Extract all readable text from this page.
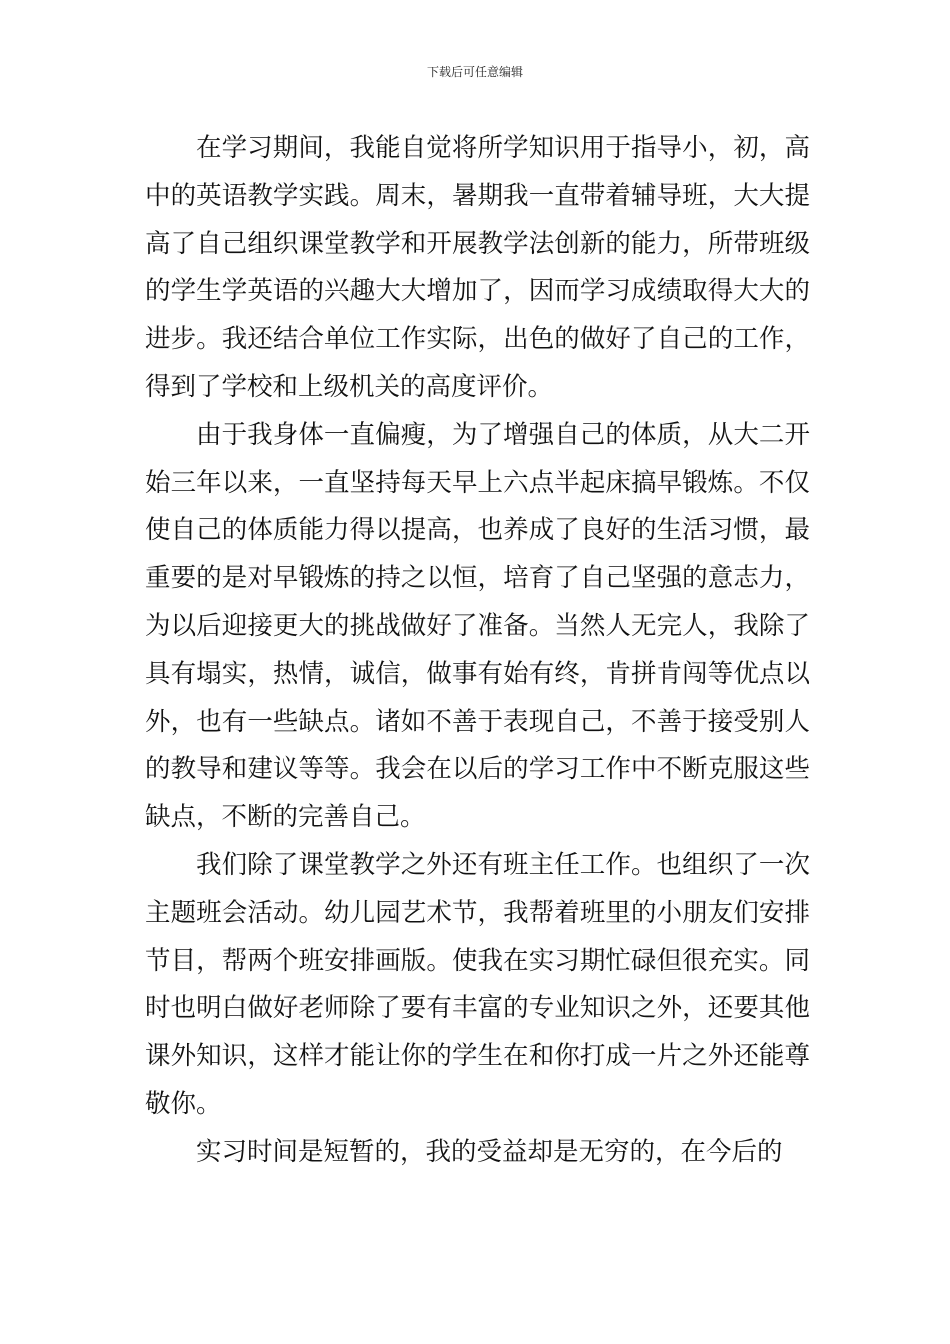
下载后可任意编辑

在学习期间，我能自觉将所学知识用于指导小，初，高中的英语教学实践。周末，暑期我一直带着辅导班，大大提高了自己组织课堂教学和开展教学法创新的能力，所带班级的学生学英语的兴趣大大增加了，因而学习成绩取得大大的进步。我还结合单位工作实际，出色的做好了自己的工作，得到了学校和上级机关的高度评价。

由于我身体一直偏瘦，为了增强自己的体质，从大二开始三年以来，一直坚持每天早上六点半起床搞早锻炼。不仅使自己的体质能力得以提高，也养成了良好的生活习惯，最重要的是对早锻炼的持之以恒，培育了自己坚强的意志力，为以后迎接更大的挑战做好了准备。当然人无完人，我除了具有塌实，热情，诚信，做事有始有终，肯拼肯闯等优点以外，也有一些缺点。诸如不善于表现自己，不善于接受别人的教导和建议等等。我会在以后的学习工作中不断克服这些缺点，不断的完善自己。

我们除了课堂教学之外还有班主任工作。也组织了一次主题班会活动。幼儿园艺术节，我帮着班里的小朋友们安排节目，帮两个班安排画版。使我在实习期忙碌但很充实。同时也明白做好老师除了要有丰富的专业知识之外，还要其他课外知识，这样才能让你的学生在和你打成一片之外还能尊敬你。

实习时间是短暂的，我的受益却是无穷的，在今后的
